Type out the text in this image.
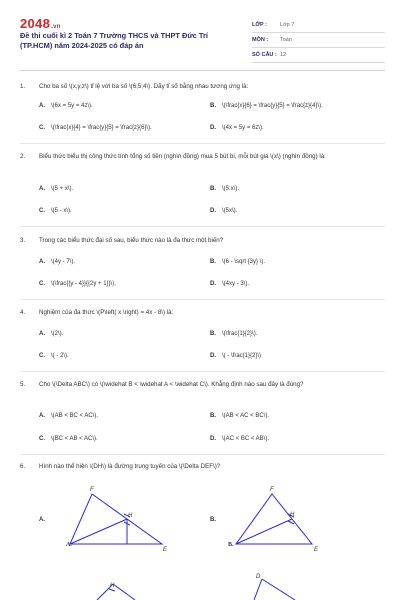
2048.vn
Đề thi cuối kì 2 Toán 7 Trường THCS và THPT Đức Trí (TP.HCM) năm 2024-2025 có đáp án
LỚP :	Lớp 7
MÔN :	Toán
SỐ CÂU : 12
1. Cho ba số \(x,y,z\) tỉ lệ với ba số \(6;5;4\). Dãy tỉ số bằng nhau tương ứng là:
A. \(6x = 5y = 4z\).	B. \(\frac{x}{6} = \frac{y}{5} = \frac{z}{4}\).
C. \(\frac{x}{4} = \frac{y}{5} = \frac{z}{6}\).	D. \(4x = 5y = 6z\).
2. Biểu thức biểu thị công thức tính tổng số tiền (nghìn đồng) mua 5 bút bi, mỗi bút giá \(x\) (nghìn đồng) là:
A. \(5 + x\).	B. \(5:x\).
C. \(5 - x\).	D. \(5x\).
3. Trong các biểu thức đại số sau, biểu thức nào là đa thức một biến?
A. \(4y - 7\).	B. \(6 - \sqrt {3y} \).
C. \(\frac{{y - 4}}{{2y + 1}}\).	D. \(4xy - 3\).
4. Nghiệm của đa thức \(P\left( x \right) = 4x - 8\) là:
A. \(2\).	B. \(\frac{1}{2}\).
C. \( - 2\).	D. \( - \frac{1}{2}\)
5. Cho \(\Delta ABC\) có \(\widehat B < \widehat A < \widehat C\). Khẳng định nào sau đây là đúng?
A. \(AB < BC < AC\).	B. \(AB < AC < BC\).
C. \(BC < AB < AC\).	D. \(AC < BC < AB\).
6. Hình nào thể hiện \(DH\) là đường trung tuyến của \(\Delta DEF\)?
A.	B.
A.
F
E
H
B.
F
E
H
H
D
